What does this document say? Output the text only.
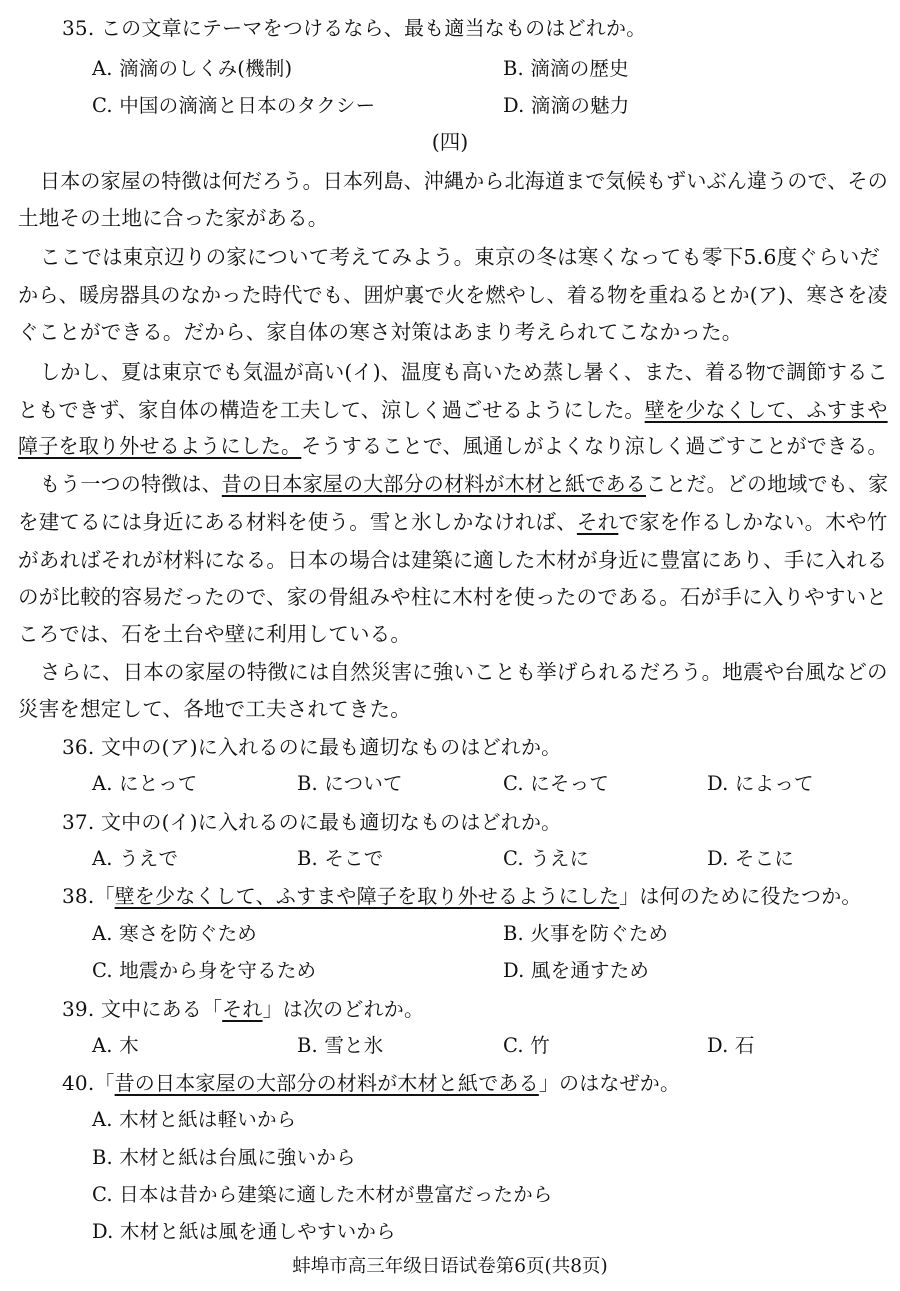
35. この文章にテーマをつけるなら、最も適当なものはどれか。
A. 滴滴のしくみ(機制)	B. 滴滴の歴史
C. 中国の滴滴と日本のタクシー	D. 滴滴の魅力
(四)
日本の家屋の特徴は何だろう。日本列島、沖縄から北海道まで気候もずいぶん違うので、その
土地その土地に合った家がある。
ここでは東京辺りの家について考えてみよう。東京の冬は寒くなっても零下5.6度ぐらいだ
から、暖房器具のなかった時代でも、囲炉裏で火を燃やし、着る物を重ねるとか(ア)、寒さを凌
ぐことができる。だから、家自体の寒さ対策はあまり考えられてこなかった。
しかし、夏は東京でも気温が高い(イ)、温度も高いため蒸し暑く、また、着る物で調節するこ
ともできず、家自体の構造を工夫して、涼しく過ごせるようにした。壁を少なくして、ふすまや
障子を取り外せるようにした。そうすることで、風通しがよくなり涼しく過ごすことができる。
もう一つの特徴は、昔の日本家屋の大部分の材料が木材と紙であることだ。どの地域でも、家
を建てるには身近にある材料を使う。雪と氷しかなければ、それで家を作るしかない。木や竹
があればそれが材料になる。日本の場合は建築に適した木材が身近に豊富にあり、手に入れる
のが比較的容易だったので、家の骨組みや柱に木村を使ったのである。石が手に入りやすいと
ころでは、石を土台や壁に利用している。
さらに、日本の家屋の特徴には自然災害に強いことも挙げられるだろう。地震や台風などの
災害を想定して、各地で工夫されてきた。
36. 文中の(ア)に入れるのに最も適切なものはどれか。
A. にとって	B. について	C. にそって	D. によって
37. 文中の(イ)に入れるのに最も適切なものはどれか。
A. うえで	B. そこで	C. うえに	D. そこに
38.「壁を少なくして、ふすまや障子を取り外せるようにした」は何のために役たつか。
A. 寒さを防ぐため	B. 火事を防ぐため
C. 地震から身を守るため	D. 風を通すため
39. 文中にある「それ」は次のどれか。
A. 木	B. 雪と氷	C. 竹	D. 石
40.「昔の日本家屋の大部分の材料が木材と紙である」のはなぜか。
A. 木材と紙は軽いから
B. 木材と紙は台風に強いから
C. 日本は昔から建築に適した木材が豊富だったから
D. 木材と紙は風を通しやすいから
蚌埠市高三年级日语试卷第6页(共8页)
